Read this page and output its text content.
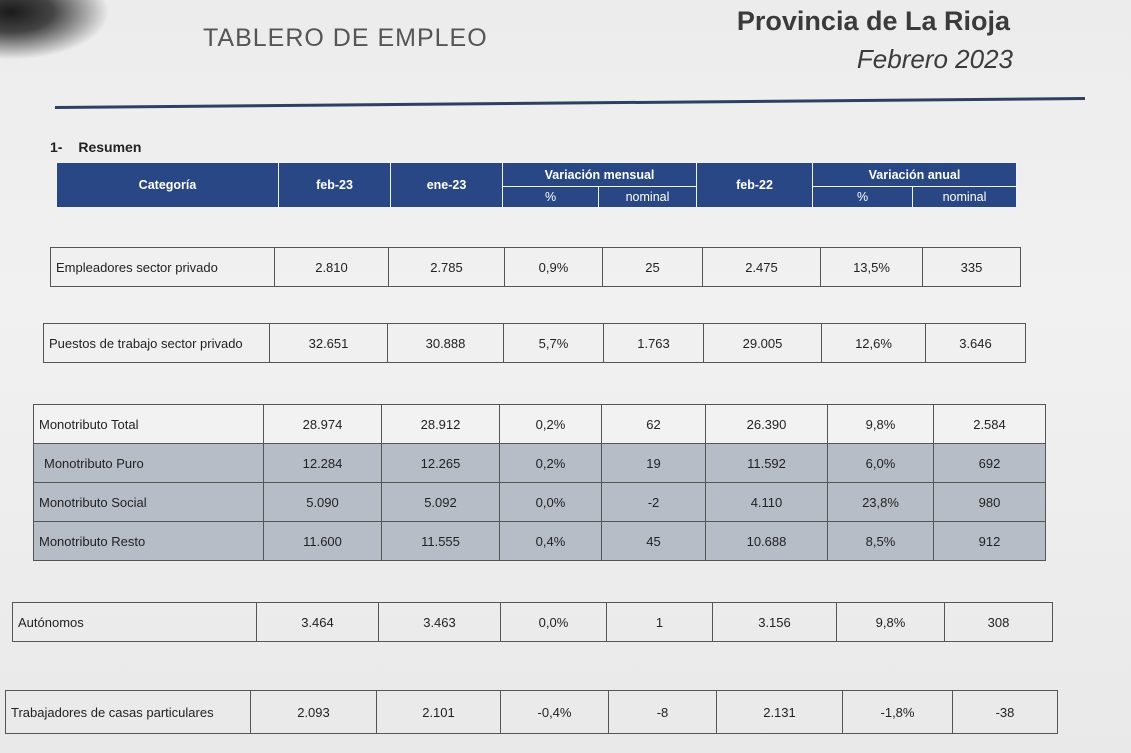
TABLERO DE EMPLEO
Provincia de La Rioja
Febrero 2023
1- Resumen
Categoría	feb-23	ene-23	Variación mensual		feb-22	Variación anual	
			%	nominal		%	nominal
Empleadores sector privado	2.810	2.785	0,9%	25	2.475	13,5%	335
Puestos de trabajo sector privado	32.651	30.888	5,7%	1.763	29.005	12,6%	3.646
Monotributo Total	28.974	28.912	0,2%	62	26.390	9,8%	2.584
Monotributo Puro	12.284	12.265	0,2%	19	11.592	6,0%	692
Monotributo Social	5.090	5.092	0,0%	-2	4.110	23,8%	980
Monotributo Resto	11.600	11.555	0,4%	45	10.688	8,5%	912
Autónomos	3.464	3.463	0,0%	1	3.156	9,8%	308
Trabajadores de casas particulares	2.093	2.101	-0,4%	-8	2.131	-1,8%	-38
